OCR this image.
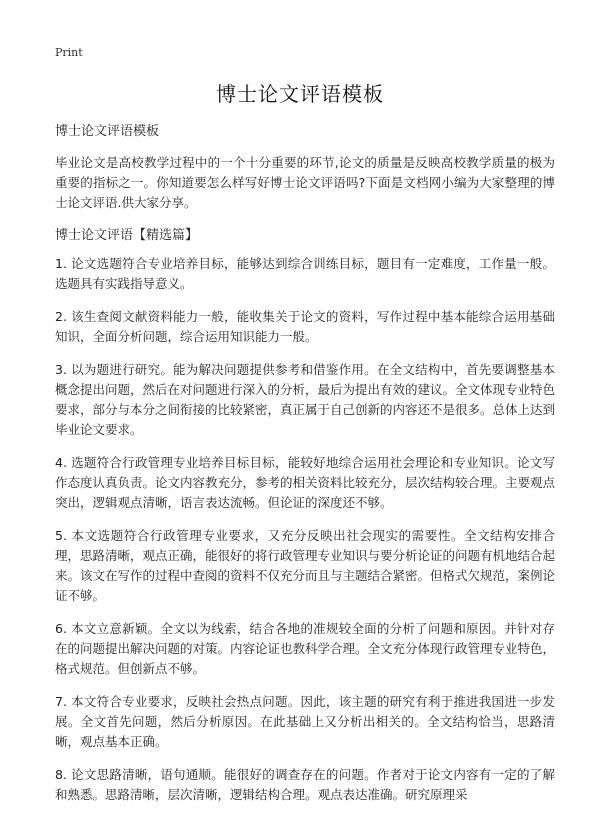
Print
博士论文评语模板
博士论文评语模板

毕业论文是高校教学过程中的一个十分重要的环节,论文的质量是反映高校教学质量的极为重要的指标之一。你知道要怎么样写好博士论文评语吗?下面是文档网小编为大家整理的博士论文评语.供大家分享。

博士论文评语【精选篇】

1. 论文选题符合专业培养目标，能够达到综合训练目标，题目有一定难度，工作量一般。选题具有实践指导意义。

2. 该生查阅文献资料能力一般，能收集关于论文的资料，写作过程中基本能综合运用基础知识，全面分析问题，综合运用知识能力一般。

3. 以为题进行研究。能为解决问题提供参考和借鉴作用。在全文结构中，首先要调整基本概念提出问题，然后在对问题进行深入的分析，最后为提出有效的建议。全文体现专业特色要求，部分与本分之间衔接的比较紧密，真正属于自己创新的内容还不是很多。总体上达到毕业论文要求。

4. 选题符合行政管理专业培养目标目标，能较好地综合运用社会理论和专业知识。论文写作态度认真负责。论文内容教充分，参考的相关资料比较充分，层次结构较合理。主要观点突出，逻辑观点清晰，语言表达流畅。但论证的深度还不够。

5. 本文选题符合行政管理专业要求，又充分反映出社会现实的需要性。全文结构安排合理，思路清晰，观点正确，能很好的将行政管理专业知识与要分析论证的问题有机地结合起来。该文在写作的过程中查阅的资料不仅充分而且与主题结合紧密。但格式欠规范，案例论证不够。

6. 本文立意新颖。全文以为线索，结合各地的准规较全面的分析了问题和原因。并针对存在的问题提出解决问题的对策。内容论证也教科学合理。全文充分体现行政管理专业特色，格式规范。但创新点不够。

7. 本文符合专业要求，反映社会热点问题。因此，该主题的研究有利于推进我国进一步发展。全文首先问题，然后分析原因。在此基础上又分析出相关的。全文结构恰当，思路清晰，观点基本正确。

8. 论文思路清晰，语句通顺。能很好的调查存在的问题。作者对于论文内容有一定的了解和熟悉。思路清晰，层次清晰，逻辑结构合理。观点表达准确。研究原理采
